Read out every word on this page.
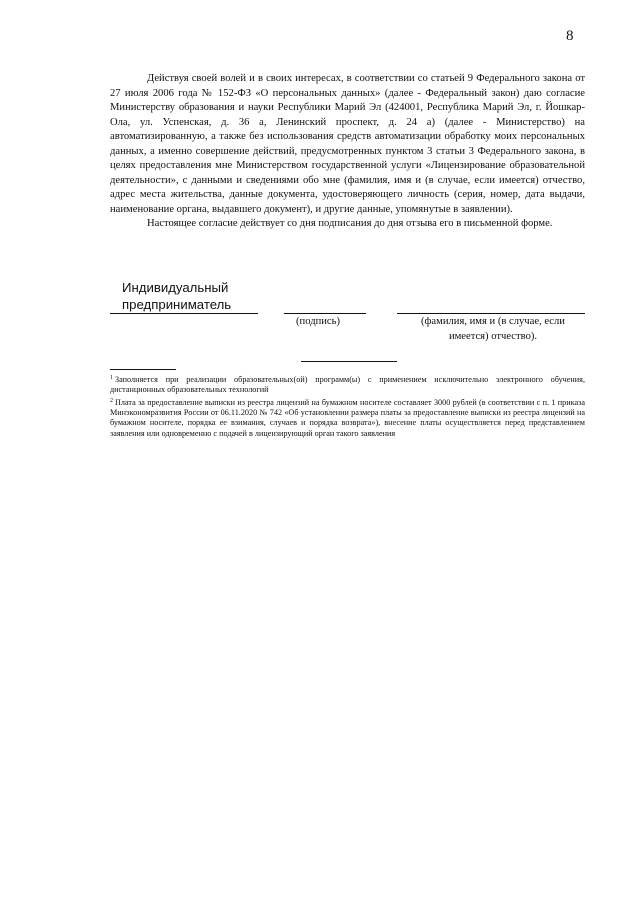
8

Действуя своей волей и в своих интересах, в соответствии со статьей 9 Федерального закона от 27 июля 2006 года № 152-ФЗ «О персональных данных» (далее - Федеральный закон) даю согласие Министерству образования и науки Республики Марий Эл (424001, Республика Марий Эл, г. Йошкар-Ола, ул. Успенская, д. 36 а, Ленинский проспект, д. 24 а) (далее - Министерство) на автоматизированную, а также без использования средств автоматизации обработку моих персональных данных, а именно совершение действий, предусмотренных пунктом 3 статьи 3 Федерального закона, в целях предоставления мне Министерством государственной услуги «Лицензирование образовательной деятельности», с данными и сведениями обо мне (фамилия, имя и (в случае, если имеется) отчество, адрес места жительства, данные документа, удостоверяющего личность (серия, номер, дата выдачи, наименование органа, выдавшего документ), и другие данные, упомянутые в заявлении).

Настоящее согласие действует со дня подписания до дня отзыва его в письменной форме.

Индивидуальный предприниматель
(подпись)	(фамилия, имя и (в случае, если имеется) отчество).

$^1$ Заполняется при реализации образовательных(ой) программ(ы) с применением исключительно электронного обучения, дистанционных образовательных технологий

$^2$ Плата за предоставление выписки из реестра лицензий на бумажном носителе составляет 3000 рублей (в соответствии с п. 1 приказа Минэкономразвития России от 06.11.2020 № 742 «Об установлении размера платы за предоставление выписки из реестра лицензий на бумажном носителе, порядка ее взимания, случаев и порядка возврата»), внесение платы осуществляется перед представлением заявления или одновременно с подачей в лицензирующий орган такого заявления
